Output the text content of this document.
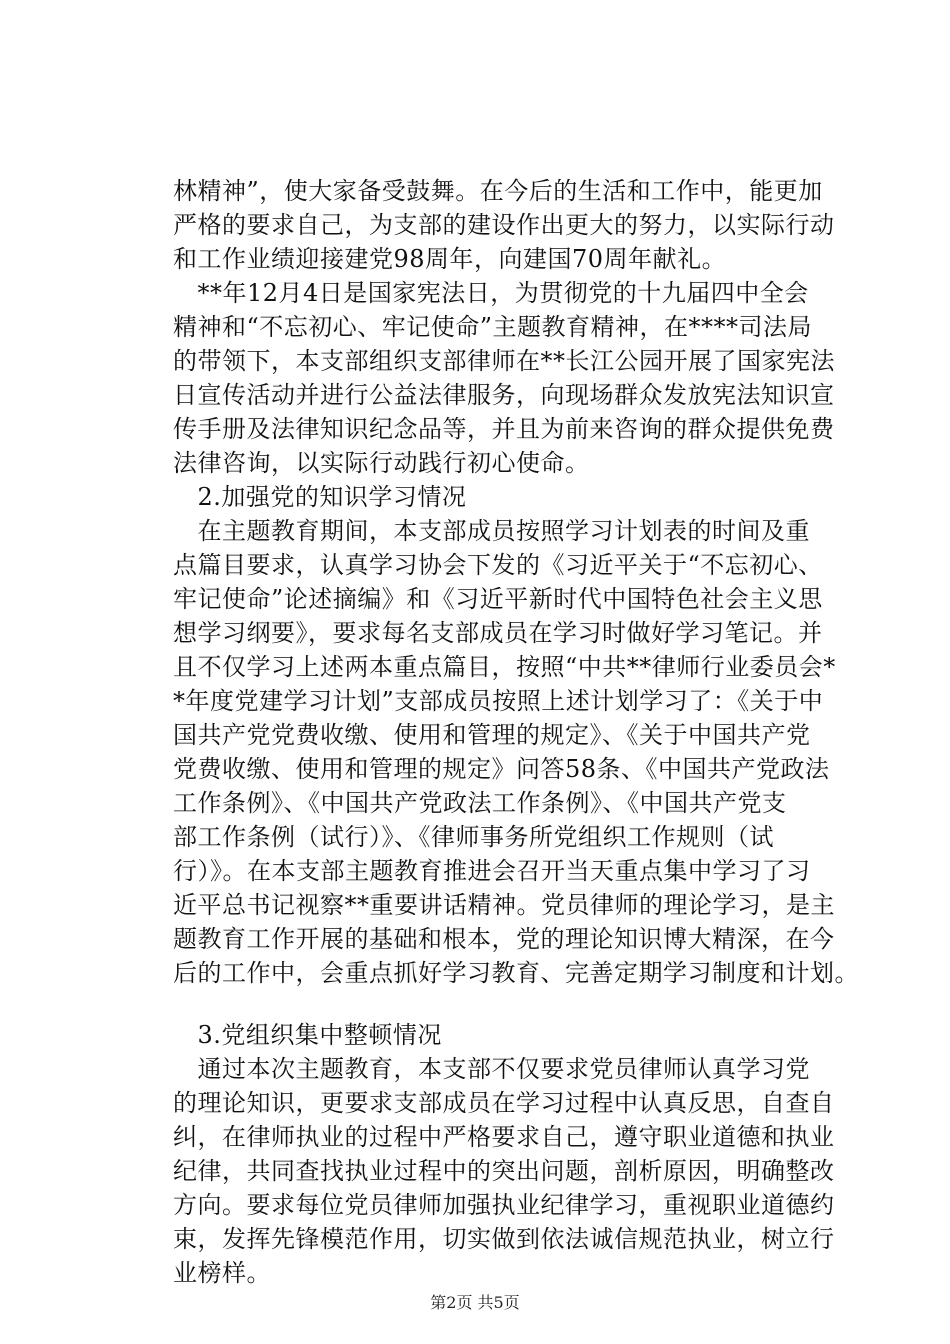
林精神”，使大家备受鼓舞。在今后的生活和工作中，能更加
严格的要求自己，为支部的建设作出更大的努力，以实际行动
和工作业绩迎接建党98周年，向建国70周年献礼。
　**年12月4日是国家宪法日，为贯彻党的十九届四中全会
精神和“不忘初心、牢记使命”主题教育精神，在****司法局
的带领下，本支部组织支部律师在**长江公园开展了国家宪法
日宣传活动并进行公益法律服务，向现场群众发放宪法知识宣
传手册及法律知识纪念品等，并且为前来咨询的群众提供免费
法律咨询，以实际行动践行初心使命。
　2.加强党的知识学习情况
　在主题教育期间，本支部成员按照学习计划表的时间及重
点篇目要求，认真学习协会下发的《习近平关于“不忘初心、
牢记使命”论述摘编》和《习近平新时代中国特色社会主义思
想学习纲要》，要求每名支部成员在学习时做好学习笔记。并
且不仅学习上述两本重点篇目，按照“中共**律师行业委员会*
*年度党建学习计划”支部成员按照上述计划学习了：《关于中
国共产党党费收缴、使用和管理的规定》、《关于中国共产党
党费收缴、使用和管理的规定》问答58条、《中国共产党政法
工作条例》、《中国共产党政法工作条例》、《中国共产党支
部工作条例（试行）》、《律师事务所党组织工作规则（试
行）》。在本支部主题教育推进会召开当天重点集中学习了习
近平总书记视察**重要讲话精神。党员律师的理论学习，是主
题教育工作开展的基础和根本，党的理论知识博大精深，在今
后的工作中，会重点抓好学习教育、完善定期学习制度和计划。
　3.党组织集中整顿情况
　通过本次主题教育，本支部不仅要求党员律师认真学习党
的理论知识，更要求支部成员在学习过程中认真反思，自查自
纠，在律师执业的过程中严格要求自己，遵守职业道德和执业
纪律，共同查找执业过程中的突出问题，剖析原因，明确整改
方向。要求每位党员律师加强执业纪律学习，重视职业道德约
束，发挥先锋模范作用，切实做到依法诚信规范执业，树立行
业榜样。
第2页 共5页
